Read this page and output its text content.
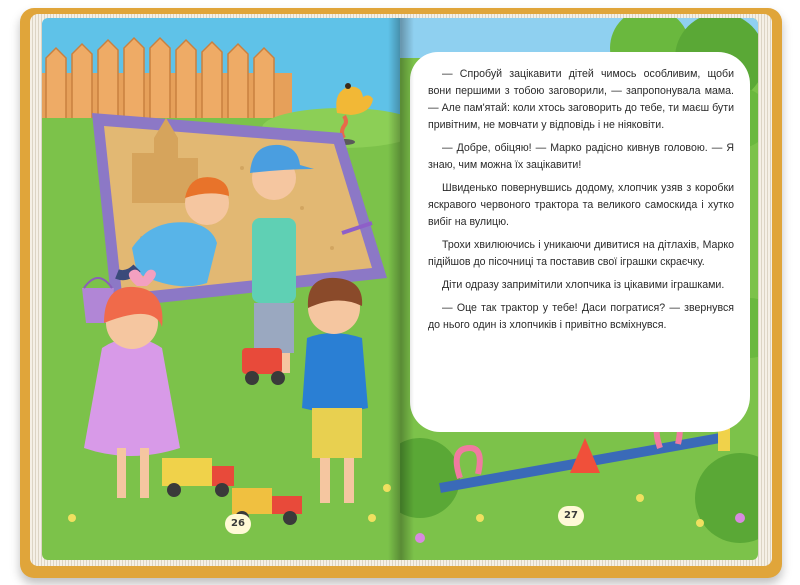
26

— Спробуй зацікавити дітей чимось особливим, щоби вони першими з тобою заговорили, — запропонувала мама. — Але пам'ятай: коли хтось заговорить до тебе, ти маєш бути привітним, не мовчати у відповідь і не ніяковіти.

— Добре, обіцяю! — Марко радісно кивнув головою. — Я знаю, чим можна їх зацікавити!

Швиденько повернувшись додому, хлопчик узяв з коробки яскравого червоного трактора та великого самоскида і хутко вибіг на вулицю.

Трохи хвилюючись і уникаючи дивитися на дітлахів, Марко підійшов до пісочниці та поставив свої іграшки скраєчку.

Діти одразу запримітили хлопчика із цікавими іграшками.

— Оце так трактор у тебе! Даси погратися? — звернувся до нього один із хлопчиків і привітно всміхнувся.

27
